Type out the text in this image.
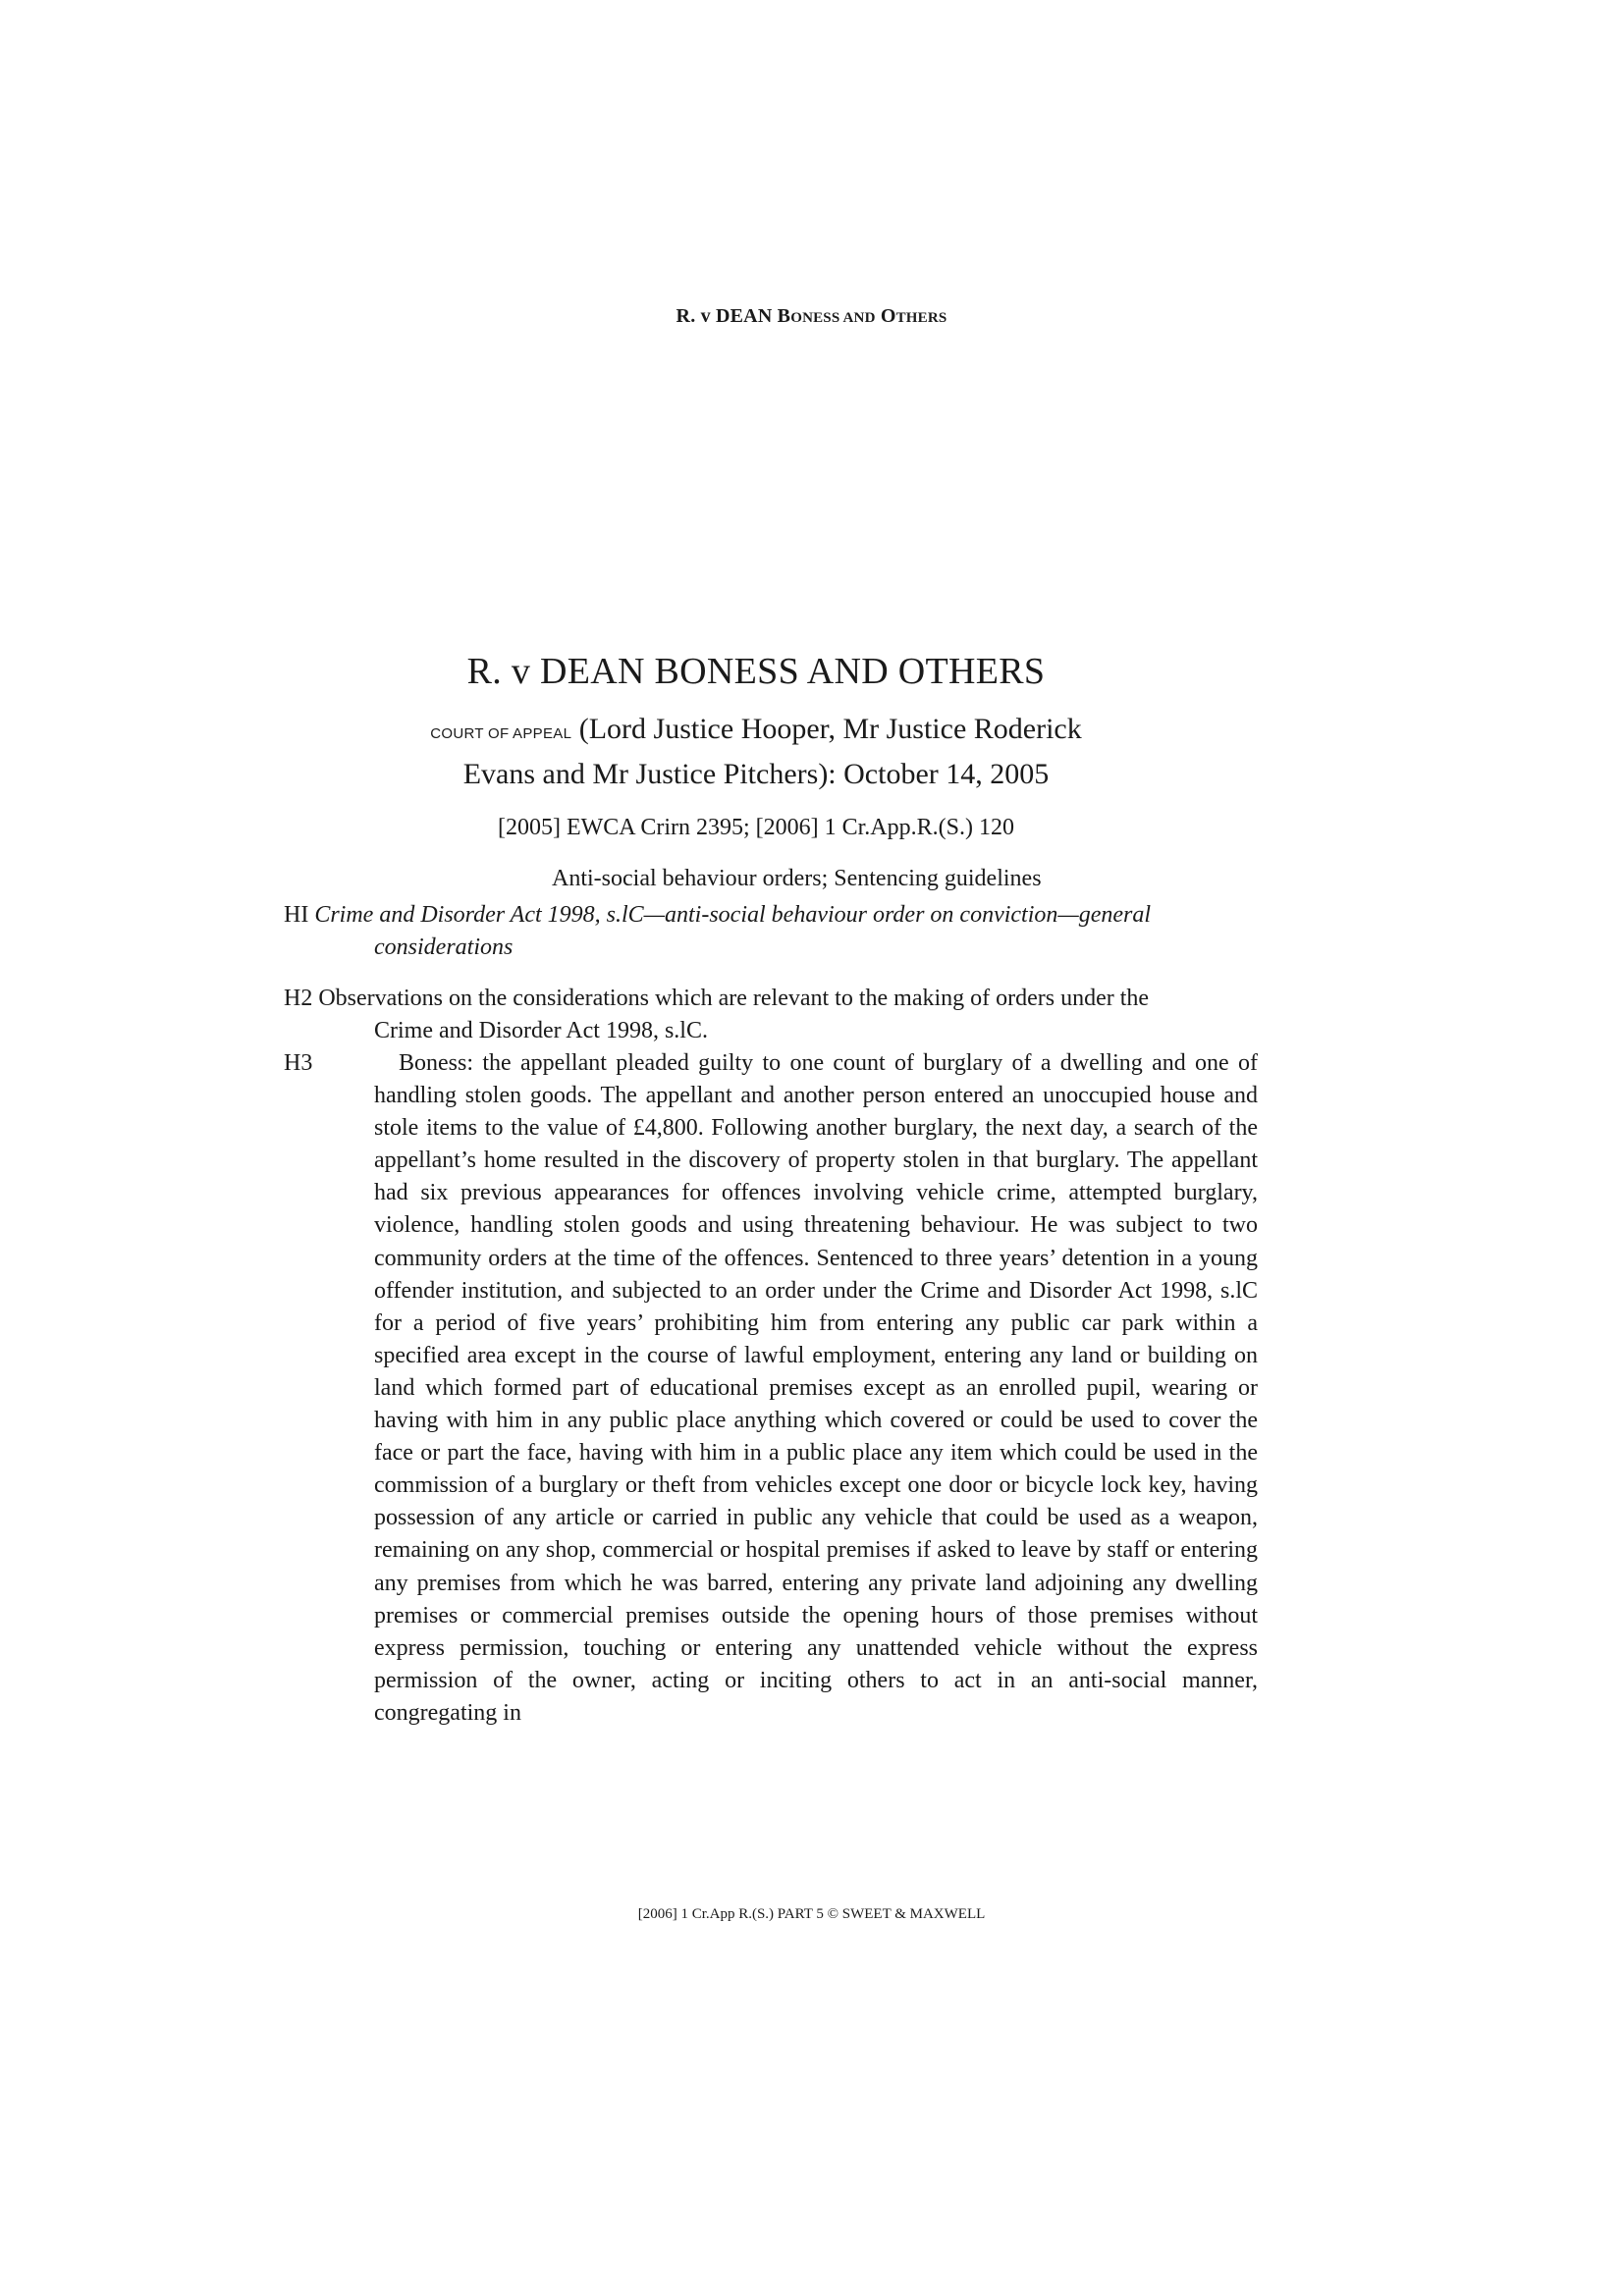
R. v DEAN BONESS AND OTHERS
R. v DEAN BONESS AND OTHERS
COURT OF APPEAL (Lord Justice Hooper, Mr Justice Roderick
Evans and Mr Justice Pitchers): October 14, 2005
[2005] EWCA Crirn 2395; [2006] 1 Cr.App.R.(S.) 120
Anti-social behaviour orders; Sentencing guidelines
HI Crime and Disorder Act 1998, s.lC—anti-social behaviour order on conviction—general
considerations
H2 Observations on the considerations which are relevant to the making of orders under the
Crime and Disorder Act 1998, s.lC.
H3	Boness: the appellant pleaded guilty to one count of burglary of a dwelling and one of handling stolen goods. The appellant and another person entered an unoccupied house and stole items to the value of £4,800. Following another burglary, the next day, a search of the appellant’s home resulted in the discovery of property stolen in that burglary. The appellant had six previous appearances for offences involving vehicle crime, attempted burglary, violence, handling stolen goods and using threatening behaviour. He was subject to two community orders at the time of the offences. Sentenced to three years’ detention in a young offender institution, and subjected to an order under the Crime and Disorder Act 1998, s.lC for a period of five years’ prohibiting him from entering any public car park within a specified area except in the course of lawful employment, entering any land or building on land which formed part of educational premises except as an enrolled pupil, wearing or having with him in any public place anything which covered or could be used to cover the face or part the face, having with him in a public place any item which could be used in the commission of a burglary or theft from vehicles except one door or bicycle lock key, having possession of any article or carried in public any vehicle that could be used as a weapon, remaining on any shop, commercial or hospital premises if asked to leave by staff or entering any premises from which he was barred, entering any private land adjoining any dwelling premises or commercial premises outside the opening hours of those premises without express permission, touching or entering any unattended vehicle without the express permission of the owner, acting or inciting others to act in an anti-social manner, congregating in
[2006] 1 Cr.App R.(S.) PART 5 © SWEET & MAXWELL
